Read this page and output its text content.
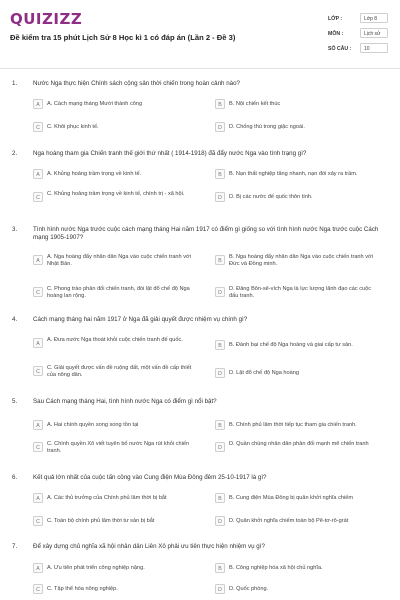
QUIZIZZ
Đề kiểm tra 15 phút Lịch Sử 8 Học kì 1 có đáp án (Lần 2 - Đề 3)
LỚP :	Lớp 8
MÔN :	Lịch sử
SỐ CÂU :	10
1.	Nước Nga thực hiện Chính sách cộng sản thời chiến trong hoàn cảnh nào?
A	A. Cách mạng tháng Mười thành công	B	B. Nội chiến kết thúc
C	C. Khôi phục kinh tế.	D	D. Chống thù trong giặc ngoài.
2.	Nga hoàng tham gia Chiến tranh thế giới thứ nhất ( 1914-1918) đã đẩy nước Nga vào tình trạng gì?
A	A. Khủng hoảng trầm trọng về kinh tế.	B	B. Nạn thất nghiệp tăng nhanh, nạn đói xảy ra trầm.
C
C. Khủng hoảng trầm trọng về kinh tế, chính trị - xã hội.
D	D. Bị các nước đế quốc thôn tính.
3.	Tình hình nước Nga trước cuộc cách mạng tháng Hai năm 1917 có điểm gì giống so với tình hình nước Nga trước cuộc Cách mạng 1905-1907?
A
A. Nga hoàng đẩy nhân dân Nga vào cuộc chiến tranh với Nhật Bản.	B
B. Nga hoàng đẩy nhân dân Nga vào cuộc chiến tranh với Đức và Đồng minh.
C
C. Phong trào phản đối chiến tranh, đòi lật đổ chế độ Nga hoàng lan rộng.	D
D. Đảng Bôn-sê-vích Nga là lực lượng lãnh đạo các cuộc đấu tranh.
4.	Cách mạng tháng hai năm 1917 ở Nga đã giải quyết được nhiệm vụ chính gì?
A
A. Đưa nước Nga thoát khỏi cuộc chiến tranh đế quốc.
B	B. Đánh bại chế độ Nga hoàng và giai cấp tư sản.
C
C. Giải quyết được vấn đề ruộng đất, một vấn đề cấp thiết của nông dân.	D	D. Lật đổ chế độ Nga hoàng
5.	Sau Cách mạng tháng Hai, tình hình nước Nga có điểm gì nổi bật?
A	A. Hai chính quyền song song tồn tại	B	B. Chính phủ lâm thời tiếp tục tham gia chiến tranh.
C
C. Chính quyền Xô viết tuyên bố nước Nga rút khỏi chiến tranh.	D
D. Quần chúng nhân dân phản đối mạnh mẽ chiến tranh
6.	Kết quả lớn nhất của cuộc tấn công vào Cung điện Mùa Đông đêm 25-10-1917 là gì?
A	A. Các thủ trưởng của Chính phủ lâm thời bị bắt	B	B. Cung điện Mùa Đông bị quân khởi nghĩa chiếm
C	C. Toàn bộ chính phủ lâm thời tư sản bị bắt	D	D. Quân khởi nghĩa chiếm toàn bộ Pê-tơ-rô-grát
7.	Để xây dựng chủ nghĩa xã hội nhân dân Liên Xô phải ưu tiên thực hiện nhiệm vụ gì?
A	A. Ưu tiên phát triển công nghiệp nặng.	B	B. Công nghiệp hóa xã hội chủ nghĩa.
C	C. Tập thể hóa nông nghiệp.	D	D. Quốc phòng.
